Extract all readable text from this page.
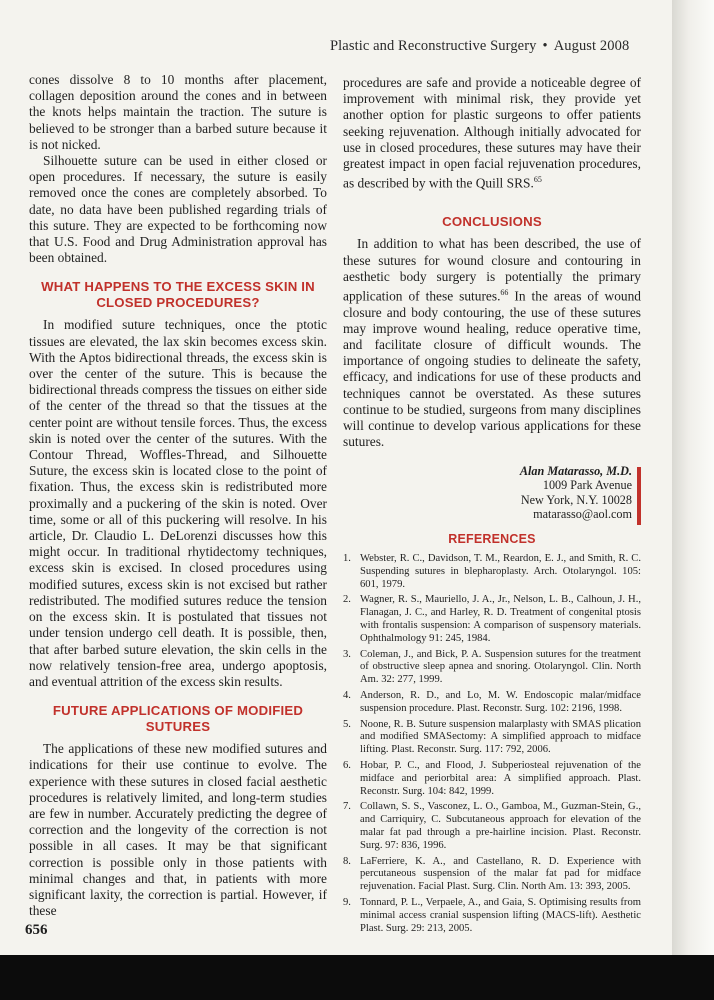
Plastic and Reconstructive Surgery • August 2008

cones dissolve 8 to 10 months after placement, collagen deposition around the cones and in between the knots helps maintain the traction. The suture is believed to be stronger than a barbed suture because it is not nicked.

Silhouette suture can be used in either closed or open procedures. If necessary, the suture is easily removed once the cones are completely absorbed. To date, no data have been published regarding trials of this suture. They are expected to be forthcoming now that U.S. Food and Drug Administration approval has been obtained.

WHAT HAPPENS TO THE EXCESS SKIN IN CLOSED PROCEDURES?

In modified suture techniques, once the ptotic tissues are elevated, the lax skin becomes excess skin. With the Aptos bidirectional threads, the excess skin is over the center of the suture. This is because the bidirectional threads compress the tissues on either side of the center of the thread so that the tissues at the center point are without tensile forces. Thus, the excess skin is noted over the center of the sutures. With the Contour Thread, Woffles-Thread, and Silhouette Suture, the excess skin is located close to the point of fixation. Thus, the excess skin is redistributed more proximally and a puckering of the skin is noted. Over time, some or all of this puckering will resolve. In his article, Dr. Claudio L. DeLorenzi discusses how this might occur. In traditional rhytidectomy techniques, excess skin is excised. In closed procedures using modified sutures, excess skin is not excised but rather redistributed. The modified sutures reduce the tension on the excess skin. It is postulated that tissues not under tension undergo cell death. It is possible, then, that after barbed suture elevation, the skin cells in the now relatively tension-free area, undergo apoptosis, and eventual attrition of the excess skin results.

FUTURE APPLICATIONS OF MODIFIED SUTURES

The applications of these new modified sutures and indications for their use continue to evolve. The experience with these sutures in closed facial aesthetic procedures is relatively limited, and long-term studies are few in number. Accurately predicting the degree of correction and the longevity of the correction is not possible in all cases. It may be that significant correction is possible only in those patients with minimal changes and that, in patients with more significant laxity, the correction is partial. However, if these

procedures are safe and provide a noticeable degree of improvement with minimal risk, they provide yet another option for plastic surgeons to offer patients seeking rejuvenation. Although initially advocated for use in closed procedures, these sutures may have their greatest impact in open facial rejuvenation procedures, as described by with the Quill SRS.$^{65}$

CONCLUSIONS

In addition to what has been described, the use of these sutures for wound closure and contouring in aesthetic body surgery is potentially the primary application of these sutures.$^{66}$ In the areas of wound closure and body contouring, the use of these sutures may improve wound healing, reduce operative time, and facilitate closure of difficult wounds. The importance of ongoing studies to delineate the safety, efficacy, and indications for use of these products and techniques cannot be overstated. As these sutures continue to be studied, surgeons from many disciplines will continue to develop various applications for these sutures.

Alan Matarasso, M.D.
1009 Park Avenue
New York, N.Y. 10028
matarasso@aol.com
REFERENCES
1. Webster, R. C., Davidson, T. M., Reardon, E. J., and Smith, R. C. Suspending sutures in blepharoplasty. Arch. Otolaryngol. 105: 601, 1979.
2. Wagner, R. S., Mauriello, J. A., Jr., Nelson, L. B., Calhoun, J. H., Flanagan, J. C., and Harley, R. D. Treatment of congenital ptosis with frontalis suspension: A comparison of suspensory materials. Ophthalmology 91: 245, 1984.
3. Coleman, J., and Bick, P. A. Suspension sutures for the treatment of obstructive sleep apnea and snoring. Otolaryngol. Clin. North Am. 32: 277, 1999.
4. Anderson, R. D., and Lo, M. W. Endoscopic malar/midface suspension procedure. Plast. Reconstr. Surg. 102: 2196, 1998.
5. Noone, R. B. Suture suspension malarplasty with SMAS plication and modified SMASectomy: A simplified approach to midface lifting. Plast. Reconstr. Surg. 117: 792, 2006.
6. Hobar, P. C., and Flood, J. Subperiosteal rejuvenation of the midface and periorbital area: A simplified approach. Plast. Reconstr. Surg. 104: 842, 1999.
7. Collawn, S. S., Vasconez, L. O., Gamboa, M., Guzman-Stein, G., and Carriquiry, C. Subcutaneous approach for elevation of the malar fat pad through a pre-hairline incision. Plast. Reconstr. Surg. 97: 836, 1996.
8. LaFerriere, K. A., and Castellano, R. D. Experience with percutaneous suspension of the malar fat pad for midface rejuvenation. Facial Plast. Surg. Clin. North Am. 13: 393, 2005.
9. Tonnard, P. L., Verpaele, A., and Gaia, S. Optimising results from minimal access cranial suspension lifting (MACS-lift). Aesthetic Plast. Surg. 29: 213, 2005.
656
